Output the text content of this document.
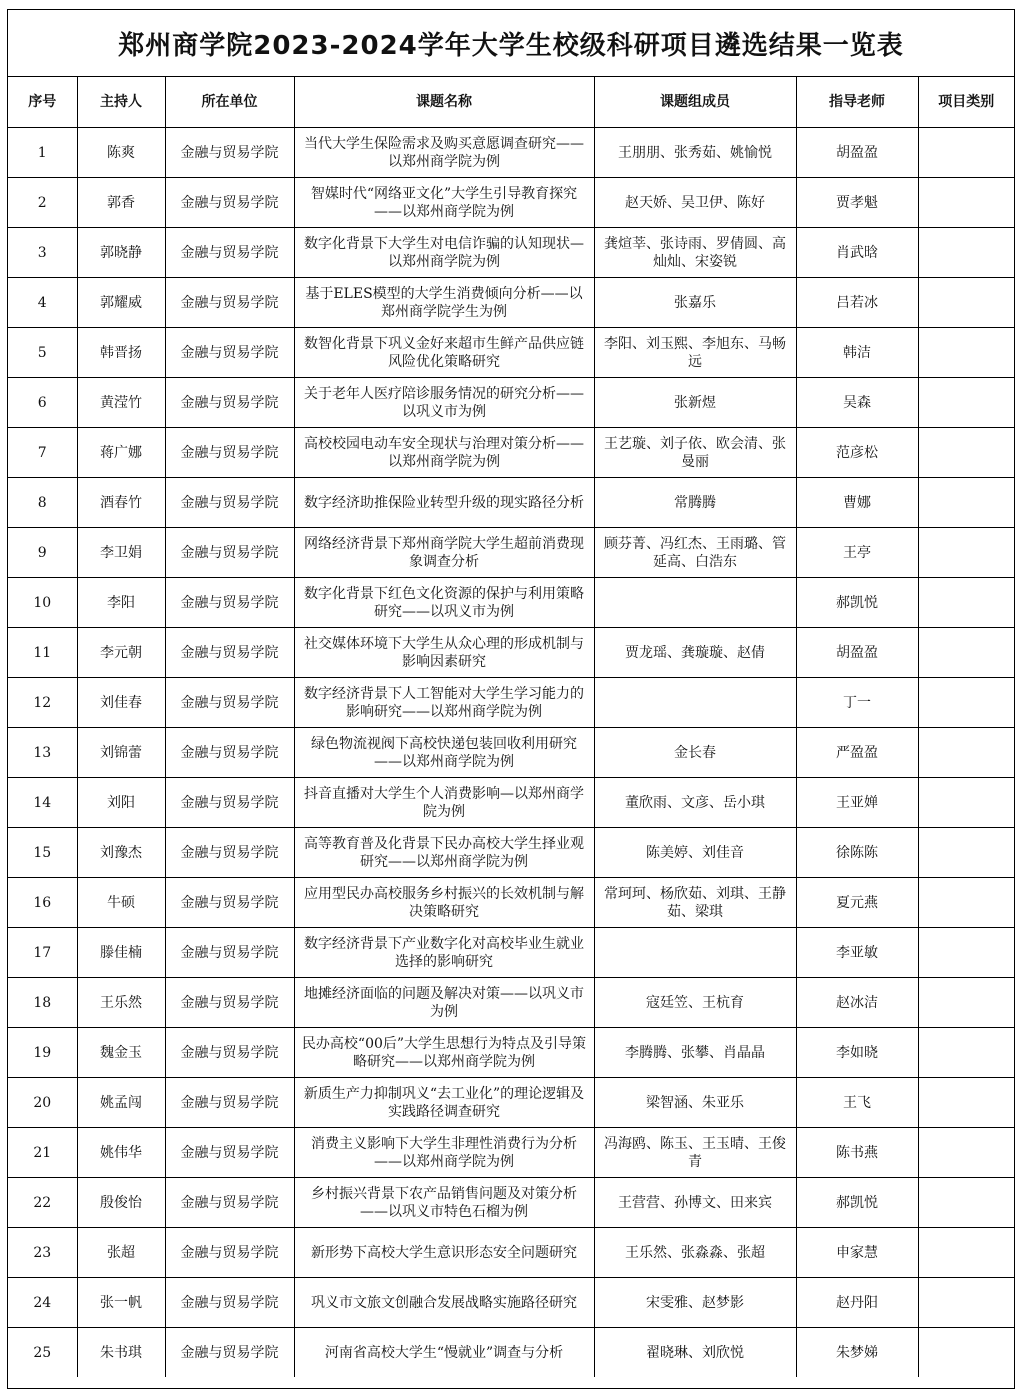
郑州商学院2023-2024学年大学生校级科研项目遴选结果一览表
序号	主持人	所在单位	课题名称	课题组成员	指导老师	项目类别
1	陈爽	金融与贸易学院	当代大学生保险需求及购买意愿调查研究——以郑州商学院为例	王朋朋、张秀茹、姚愉悦	胡盈盈	
2	郭香	金融与贸易学院	智媒时代“网络亚文化”大学生引导教育探究——以郑州商学院为例	赵天娇、吴卫伊、陈好	贾孝魁	
3	郭晓静	金融与贸易学院	数字化背景下大学生对电信诈骗的认知现状—以郑州商学院为例	龚煊莘、张诗雨、罗倩圆、高灿灿、宋姿锐	肖武晗	
4	郭耀威	金融与贸易学院	基于ELES模型的大学生消费倾向分析——以郑州商学院学生为例	张嘉乐	吕若冰	
5	韩晋扬	金融与贸易学院	数智化背景下巩义金好来超市生鲜产品供应链风险优化策略研究	李阳、刘玉熙、李旭东、马畅远	韩洁	
6	黄滢竹	金融与贸易学院	关于老年人医疗陪诊服务情况的研究分析——以巩义市为例	张新煜	吴森	
7	蒋广娜	金融与贸易学院	高校校园电动车安全现状与治理对策分析——以郑州商学院为例	王艺璇、刘子依、欧会清、张曼丽	范彦松	
8	酒春竹	金融与贸易学院	数字经济助推保险业转型升级的现实路径分析	常腾腾	曹娜	
9	李卫娟	金融与贸易学院	网络经济背景下郑州商学院大学生超前消费现象调查分析	顾芬菁、冯红杰、王雨璐、管延高、白浩东	王亭	
10	李阳	金融与贸易学院	数字化背景下红色文化资源的保护与利用策略研究——以巩义市为例		郝凯悦	
11	李元朝	金融与贸易学院	社交媒体环境下大学生从众心理的形成机制与影响因素研究	贾龙瑶、龚璇璇、赵倩	胡盈盈	
12	刘佳春	金融与贸易学院	数字经济背景下人工智能对大学生学习能力的影响研究——以郑州商学院为例		丁一	
13	刘锦蕾	金融与贸易学院	绿色物流视阀下高校快递包装回收利用研究——以郑州商学院为例	金长春	严盈盈	
14	刘阳	金融与贸易学院	抖音直播对大学生个人消费影响—以郑州商学院为例	董欣雨、文彦、岳小琪	王亚婵	
15	刘豫杰	金融与贸易学院	高等教育普及化背景下民办高校大学生择业观研究——以郑州商学院为例	陈美婷、刘佳音	徐陈陈	
16	牛硕	金融与贸易学院	应用型民办高校服务乡村振兴的长效机制与解决策略研究	常珂珂、杨欣茹、刘琪、王静茹、梁琪	夏元燕	
17	滕佳楠	金融与贸易学院	数字经济背景下产业数字化对高校毕业生就业选择的影响研究		李亚敏	
18	王乐然	金融与贸易学院	地摊经济面临的问题及解决对策——以巩义市为例	寇廷笠、王杭育	赵冰洁	
19	魏金玉	金融与贸易学院	民办高校“00后”大学生思想行为特点及引导策略研究——以郑州商学院为例	李腾腾、张攀、肖晶晶	李如晓	
20	姚孟闯	金融与贸易学院	新质生产力抑制巩义“去工业化”的理论逻辑及实践路径调查研究	梁智涵、朱亚乐	王飞	
21	姚伟华	金融与贸易学院	消费主义影响下大学生非理性消费行为分析——以郑州商学院为例	冯海鸥、陈玉、王玉晴、王俊青	陈书燕	
22	殷俊怡	金融与贸易学院	乡村振兴背景下农产品销售问题及对策分析——以巩义市特色石榴为例	王营营、孙博文、田来宾	郝凯悦	
23	张超	金融与贸易学院	新形势下高校大学生意识形态安全问题研究	王乐然、张淼淼、张超	申家慧	
24	张一帆	金融与贸易学院	巩义市文旅文创融合发展战略实施路径研究	宋雯雅、赵梦影	赵丹阳	
25	朱书琪	金融与贸易学院	河南省高校大学生“慢就业”调查与分析	翟晓琳、刘欣悦	朱梦娣	
